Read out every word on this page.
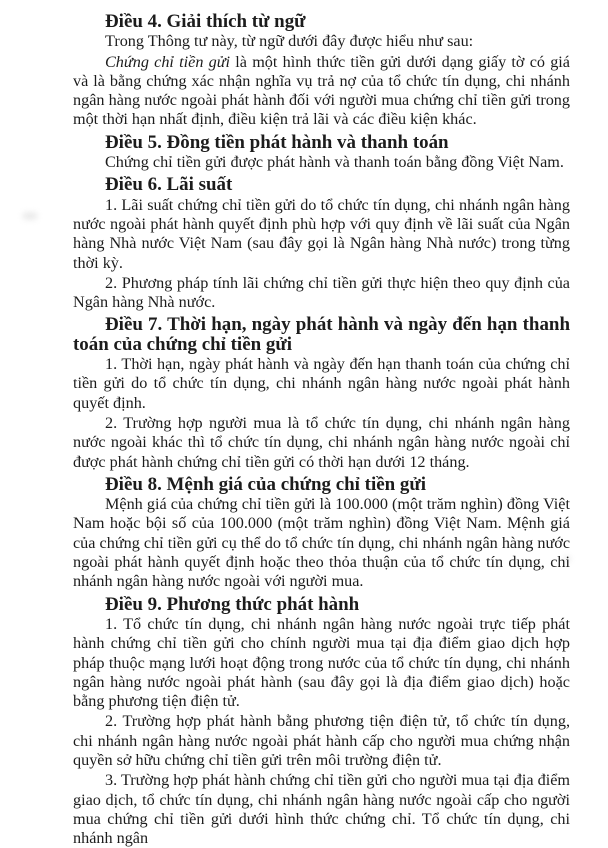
Điều 4. Giải thích từ ngữ

Trong Thông tư này, từ ngữ dưới đây được hiểu như sau:

Chứng chỉ tiền gửi là một hình thức tiền gửi dưới dạng giấy tờ có giá và là bằng chứng xác nhận nghĩa vụ trả nợ của tổ chức tín dụng, chi nhánh ngân hàng nước ngoài phát hành đối với người mua chứng chỉ tiền gửi trong một thời hạn nhất định, điều kiện trả lãi và các điều kiện khác.

Điều 5. Đồng tiền phát hành và thanh toán

Chứng chỉ tiền gửi được phát hành và thanh toán bằng đồng Việt Nam.

Điều 6. Lãi suất

1. Lãi suất chứng chỉ tiền gửi do tổ chức tín dụng, chi nhánh ngân hàng nước ngoài phát hành quyết định phù hợp với quy định về lãi suất của Ngân hàng Nhà nước Việt Nam (sau đây gọi là Ngân hàng Nhà nước) trong từng thời kỳ.

2. Phương pháp tính lãi chứng chỉ tiền gửi thực hiện theo quy định của Ngân hàng Nhà nước.

Điều 7. Thời hạn, ngày phát hành và ngày đến hạn thanh toán của chứng chỉ tiền gửi

1. Thời hạn, ngày phát hành và ngày đến hạn thanh toán của chứng chỉ tiền gửi do tổ chức tín dụng, chi nhánh ngân hàng nước ngoài phát hành quyết định.

2. Trường hợp người mua là tổ chức tín dụng, chi nhánh ngân hàng nước ngoài khác thì tổ chức tín dụng, chi nhánh ngân hàng nước ngoài chỉ được phát hành chứng chỉ tiền gửi có thời hạn dưới 12 tháng.

Điều 8. Mệnh giá của chứng chỉ tiền gửi

Mệnh giá của chứng chỉ tiền gửi là 100.000 (một trăm nghìn) đồng Việt Nam hoặc bội số của 100.000 (một trăm nghìn) đồng Việt Nam. Mệnh giá của chứng chỉ tiền gửi cụ thể do tổ chức tín dụng, chi nhánh ngân hàng nước ngoài phát hành quyết định hoặc theo thỏa thuận của tổ chức tín dụng, chi nhánh ngân hàng nước ngoài với người mua.

Điều 9. Phương thức phát hành

1. Tổ chức tín dụng, chi nhánh ngân hàng nước ngoài trực tiếp phát hành chứng chỉ tiền gửi cho chính người mua tại địa điểm giao dịch hợp pháp thuộc mạng lưới hoạt động trong nước của tổ chức tín dụng, chi nhánh ngân hàng nước ngoài phát hành (sau đây gọi là địa điểm giao dịch) hoặc bằng phương tiện điện tử.

2. Trường hợp phát hành bằng phương tiện điện tử, tổ chức tín dụng, chi nhánh ngân hàng nước ngoài phát hành cấp cho người mua chứng nhận quyền sở hữu chứng chỉ tiền gửi trên môi trường điện tử.

3. Trường hợp phát hành chứng chỉ tiền gửi cho người mua tại địa điểm giao dịch, tổ chức tín dụng, chi nhánh ngân hàng nước ngoài cấp cho người mua chứng chỉ tiền gửi dưới hình thức chứng chỉ. Tổ chức tín dụng, chi nhánh ngân
